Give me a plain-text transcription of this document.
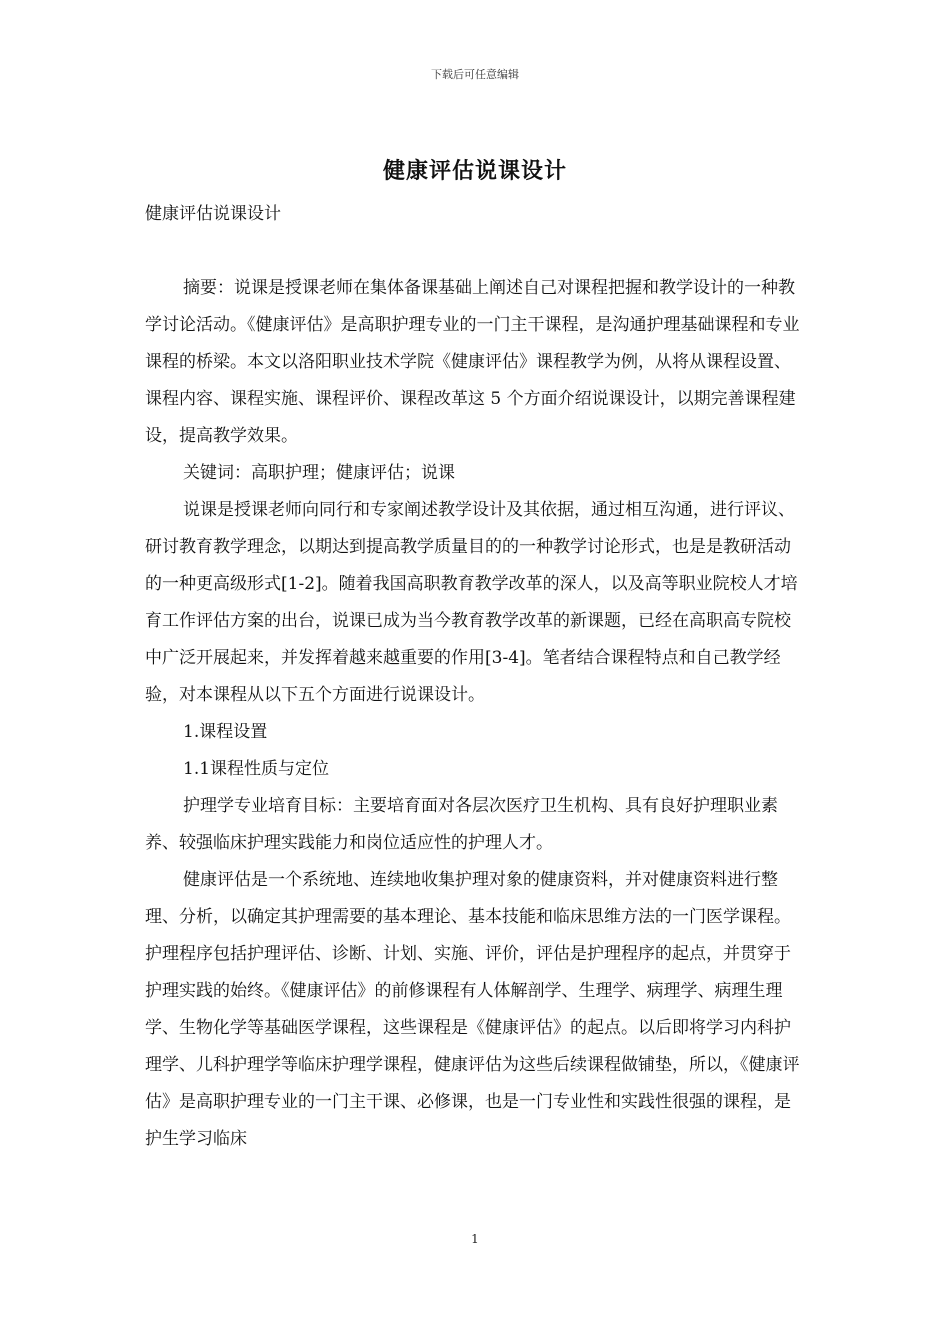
下载后可任意编辑
健康评估说课设计

健康评估说课设计

摘要：说课是授课老师在集体备课基础上阐述自己对课程把握和教学设计的一种教学讨论活动。《健康评估》是高职护理专业的一门主干课程，是沟通护理基础课程和专业课程的桥梁。本文以洛阳职业技术学院《健康评估》课程教学为例，从将从课程设置、课程内容、课程实施、课程评价、课程改革这 5 个方面介绍说课设计，以期完善课程建设，提高教学效果。

关键词：高职护理；健康评估；说课

说课是授课老师向同行和专家阐述教学设计及其依据，通过相互沟通，进行评议、研讨教育教学理念，以期达到提高教学质量目的的一种教学讨论形式，也是是教研活动的一种更高级形式[1-2]。随着我国高职教育教学改革的深人，以及高等职业院校人才培育工作评估方案的出台，说课已成为当今教育教学改革的新课题，已经在高职高专院校中广泛开展起来，并发挥着越来越重要的作用[3-4]。笔者结合课程特点和自己教学经验，对本课程从以下五个方面进行说课设计。

1.课程设置

1.1课程性质与定位

护理学专业培育目标：主要培育面对各层次医疗卫生机构、具有良好护理职业素养、较强临床护理实践能力和岗位适应性的护理人才。

健康评估是一个系统地、连续地收集护理对象的健康资料，并对健康资料进行整理、分析，以确定其护理需要的基本理论、基本技能和临床思维方法的一门医学课程。护理程序包括护理评估、诊断、计划、实施、评价，评估是护理程序的起点，并贯穿于护理实践的始终。《健康评估》的前修课程有人体解剖学、生理学、病理学、病理生理学、生物化学等基础医学课程，这些课程是《健康评估》的起点。以后即将学习内科护理学、儿科护理学等临床护理学课程，健康评估为这些后续课程做铺垫，所以，《健康评估》是高职护理专业的一门主干课、必修课，也是一门专业性和实践性很强的课程，是护生学习临床

1
